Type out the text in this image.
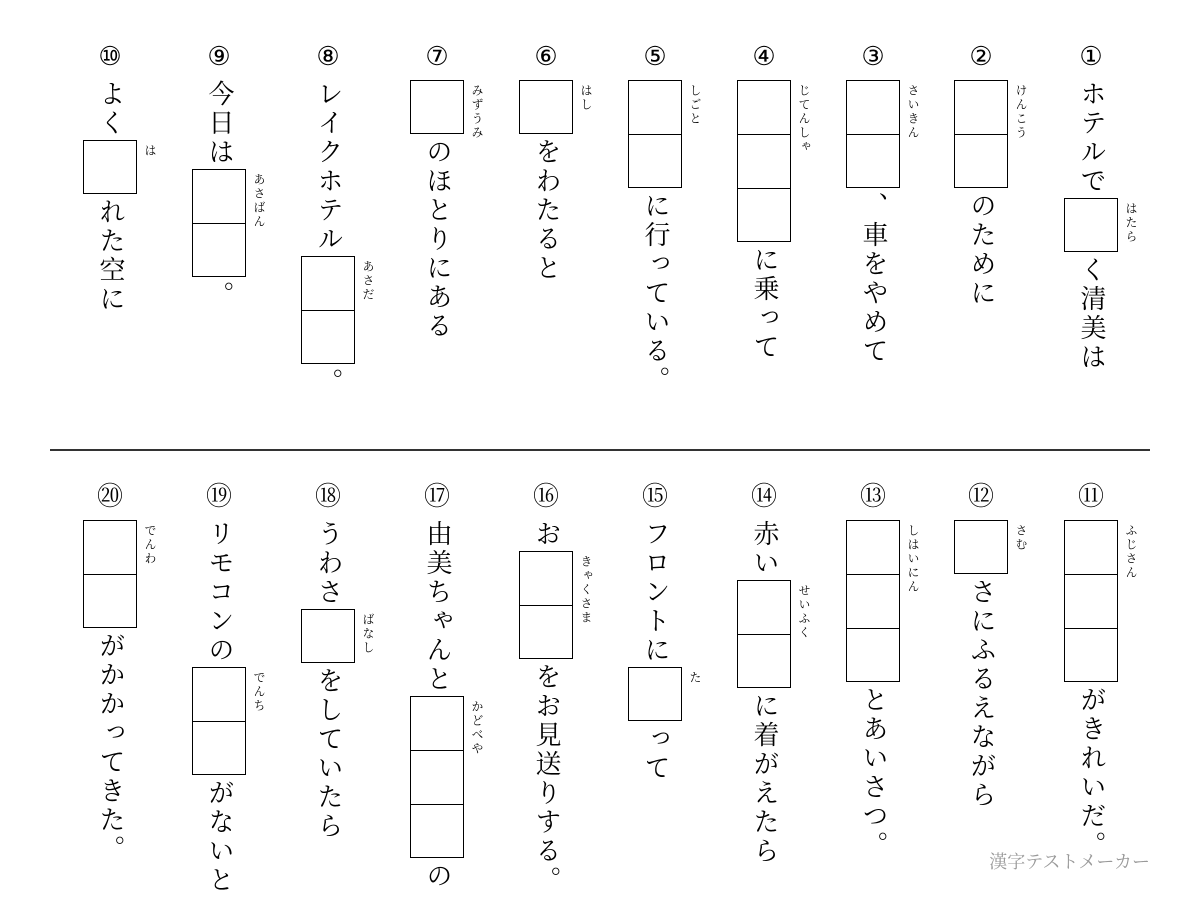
①
ホテルで
はたら
く清美は
②
けんこう
のために
③
さいきん
、車をやめて
④
じてんしゃ
に乗って
⑤
しごと
に行っている。
⑥
はし
をわたると
⑦
みずうみ
のほとりにある
⑧
レイクホテル
あさだ
。
⑨
今日は
あさばん
。
⑩
よく
は
れた空に
⑪
ふじさん
がきれいだ。
⑫
さむ
さにふるえながら
⑬
しはいにん
とあいさつ。
⑭
赤い
せいふく
に着がえたら
⑮
フロントに
た
って
⑯
お
きゃくさま
をお見送りする。
⑰
由美ちゃんと
かどべや
の
⑱
うわさ
ばなし
をしていたら
⑲
リモコンの
でんち
がないと
⑳
でんわ
がかかってきた。	漢字テストメーカー
